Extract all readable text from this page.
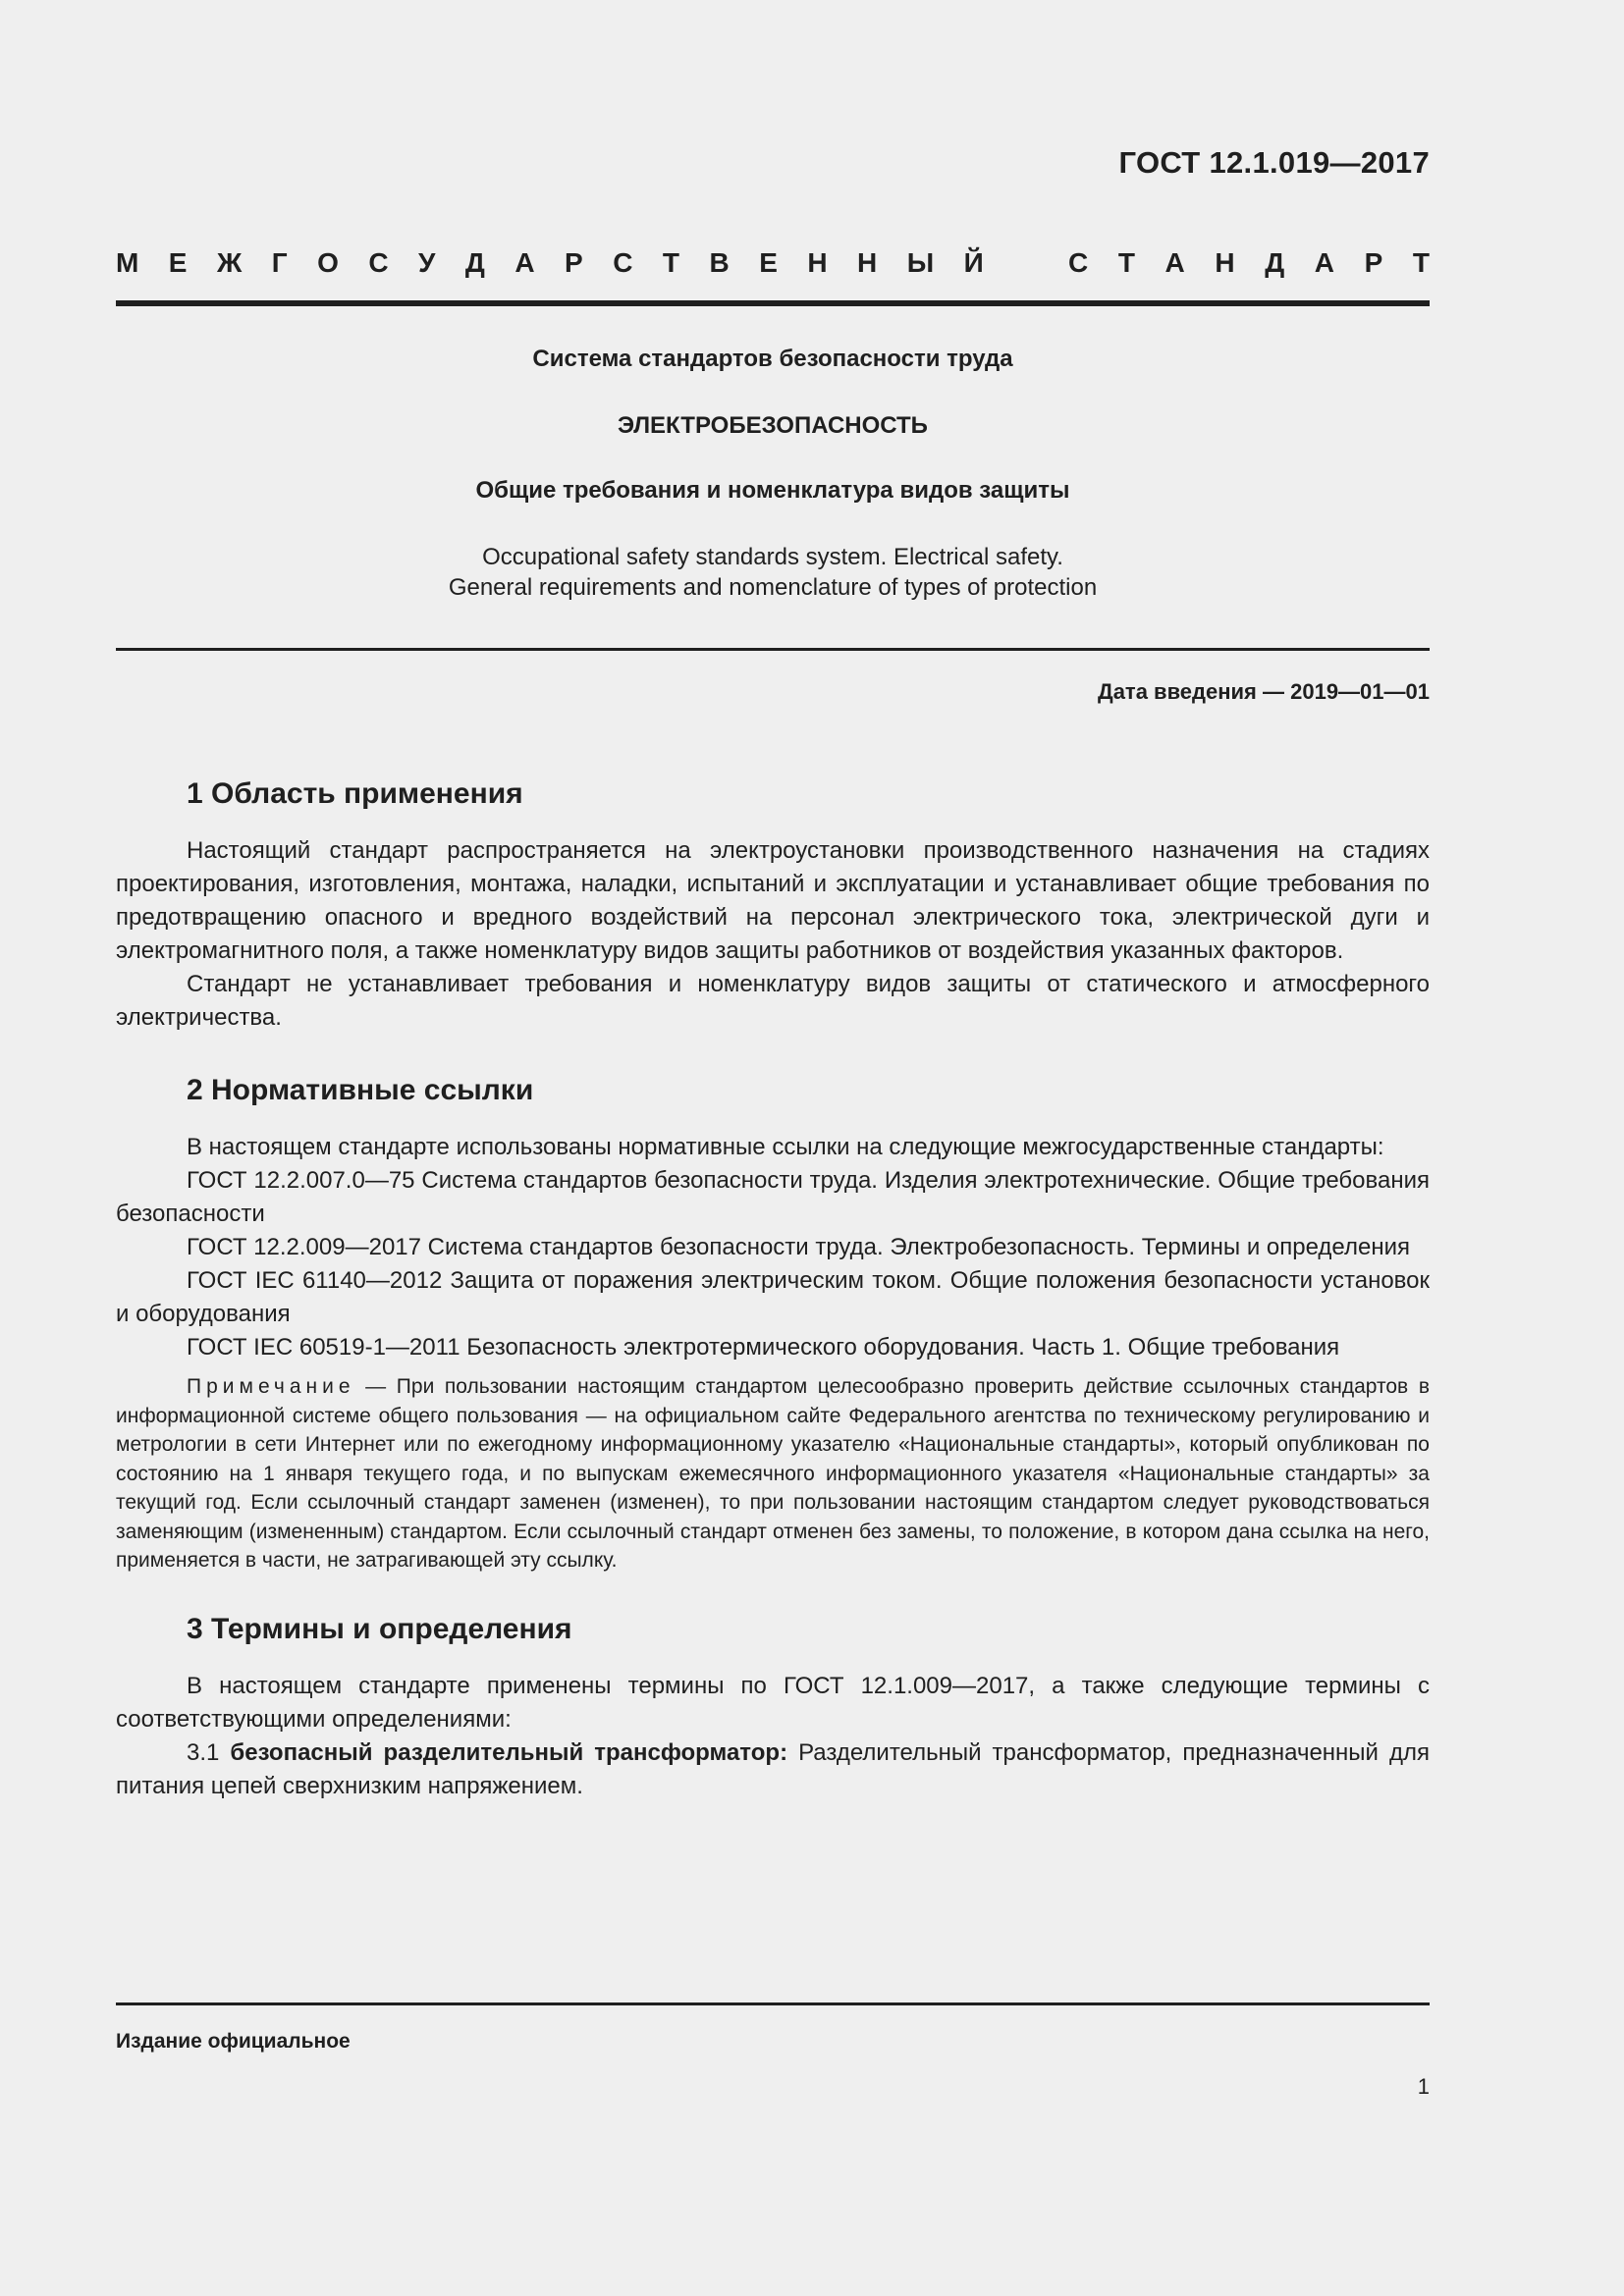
ГОСТ 12.1.019—2017
М Е Ж Г О С У Д А Р С Т В Е Н Н Ы Й	С Т А Н Д А Р Т
Система стандартов безопасности труда
ЭЛЕКТРОБЕЗОПАСНОСТЬ
Общие требования и номенклатура видов защиты
Occupational safety standards system. Electrical safety.
General requirements and nomenclature of types of protection
Дата введения — 2019—01—01
1 Область применения

Настоящий стандарт распространяется на электроустановки производственного назначения на стадиях проектирования, изготовления, монтажа, наладки, испытаний и эксплуатации и устанавливает общие требования по предотвращению опасного и вредного воздействий на персонал электрического тока, электрической дуги и электромагнитного поля, а также номенклатуру видов защиты работников от воздействия указанных факторов.

Стандарт не устанавливает требования и номенклатуру видов защиты от статического и атмосферного электричества.

2 Нормативные ссылки

В настоящем стандарте использованы нормативные ссылки на следующие межгосударственные стандарты:

ГОСТ 12.2.007.0—75 Система стандартов безопасности труда. Изделия электротехнические. Общие требования безопасности

ГОСТ 12.2.009—2017 Система стандартов безопасности труда. Электробезопасность. Термины и определения

ГОСТ IEC 61140—2012 Защита от поражения электрическим током. Общие положения безопасности установок и оборудования

ГОСТ IEC 60519-1—2011 Безопасность электротермического оборудования. Часть 1. Общие требования

Примечание — При пользовании настоящим стандартом целесообразно проверить действие ссылочных стандартов в информационной системе общего пользования — на официальном сайте Федерального агентства по техническому регулированию и метрологии в сети Интернет или по ежегодному информационному указателю «Национальные стандарты», который опубликован по состоянию на 1 января текущего года, и по выпускам ежемесячного информационного указателя «Национальные стандарты» за текущий год. Если ссылочный стандарт заменен (изменен), то при пользовании настоящим стандартом следует руководствоваться заменяющим (измененным) стандартом. Если ссылочный стандарт отменен без замены, то положение, в котором дана ссылка на него, применяется в части, не затрагивающей эту ссылку.

3 Термины и определения

В настоящем стандарте применены термины по ГОСТ 12.1.009—2017, а также следующие термины с соответствующими определениями:

3.1 безопасный разделительный трансформатор: Разделительный трансформатор, предназначенный для питания цепей сверхнизким напряжением.

Издание официальное
1
